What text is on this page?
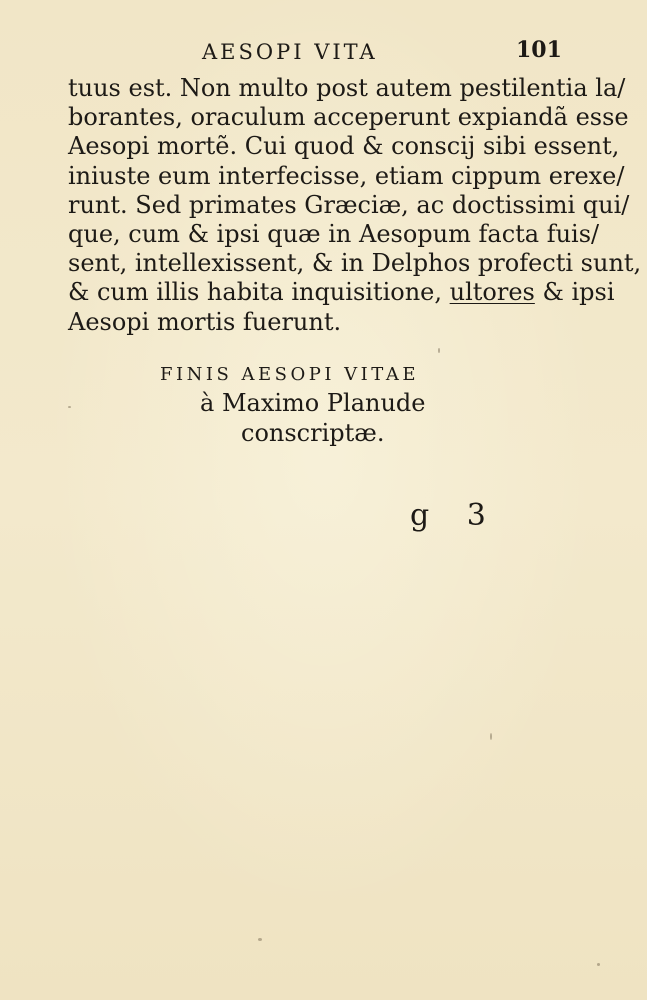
AESOPI VITA	101
tuus est. Non multo post autem pestilentia la/
borantes, oraculum acceperunt expiandã esse
Aesopi mortẽ. Cui quod & conscij sibi essent,
iniuste eum interfecisse, etiam cippum erexe/
runt. Sed primates Græciæ, ac doctissimi qui/
que, cum & ipsi quæ in Aesopum facta fuis/
sent, intellexissent, & in Delphos profecti sunt,
& cum illis habita inquisitione, ultores & ipsi
Aesopi mortis fuerunt.
FINIS AESOPI VITAE
à Maximo Planude
conscriptæ.
g 3
